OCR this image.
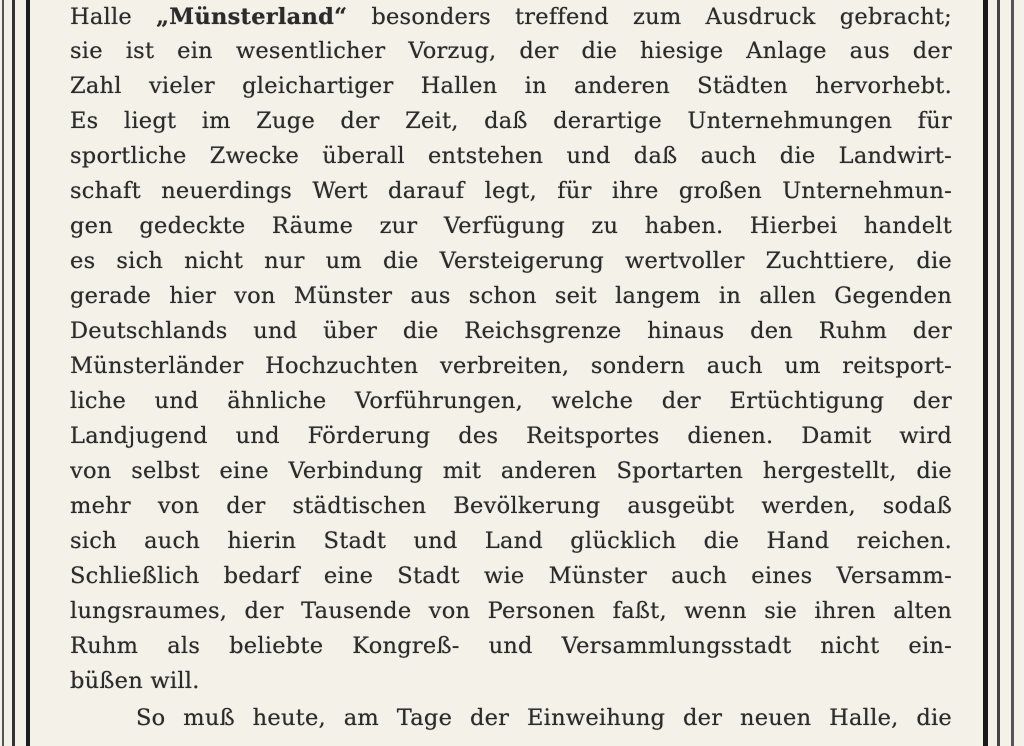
Halle „Münsterland“ besonders treffend zum Ausdruck gebracht;
sie ist ein wesentlicher Vorzug, der die hiesige Anlage aus der
Zahl vieler gleichartiger Hallen in anderen Städten hervorhebt.
Es liegt im Zuge der Zeit, daß derartige Unternehmungen für
sportliche Zwecke überall entstehen und daß auch die Landwirt-
schaft neuerdings Wert darauf legt, für ihre großen Unternehmun-
gen gedeckte Räume zur Verfügung zu haben. Hierbei handelt
es sich nicht nur um die Versteigerung wertvoller Zuchttiere, die
gerade hier von Münster aus schon seit langem in allen Gegenden
Deutschlands und über die Reichsgrenze hinaus den Ruhm der
Münsterländer Hochzuchten verbreiten, sondern auch um reitsport-
liche und ähnliche Vorführungen, welche der Ertüchtigung der
Landjugend und Förderung des Reitsportes dienen. Damit wird
von selbst eine Verbindung mit anderen Sportarten hergestellt, die
mehr von der städtischen Bevölkerung ausgeübt werden, sodaß
sich auch hierin Stadt und Land glücklich die Hand reichen.
Schließlich bedarf eine Stadt wie Münster auch eines Versamm-
lungsraumes, der Tausende von Personen faßt, wenn sie ihren alten
Ruhm als beliebte Kongreß- und Versammlungsstadt nicht ein-
büßen will.
So muß heute, am Tage der Einweihung der neuen Halle, die
